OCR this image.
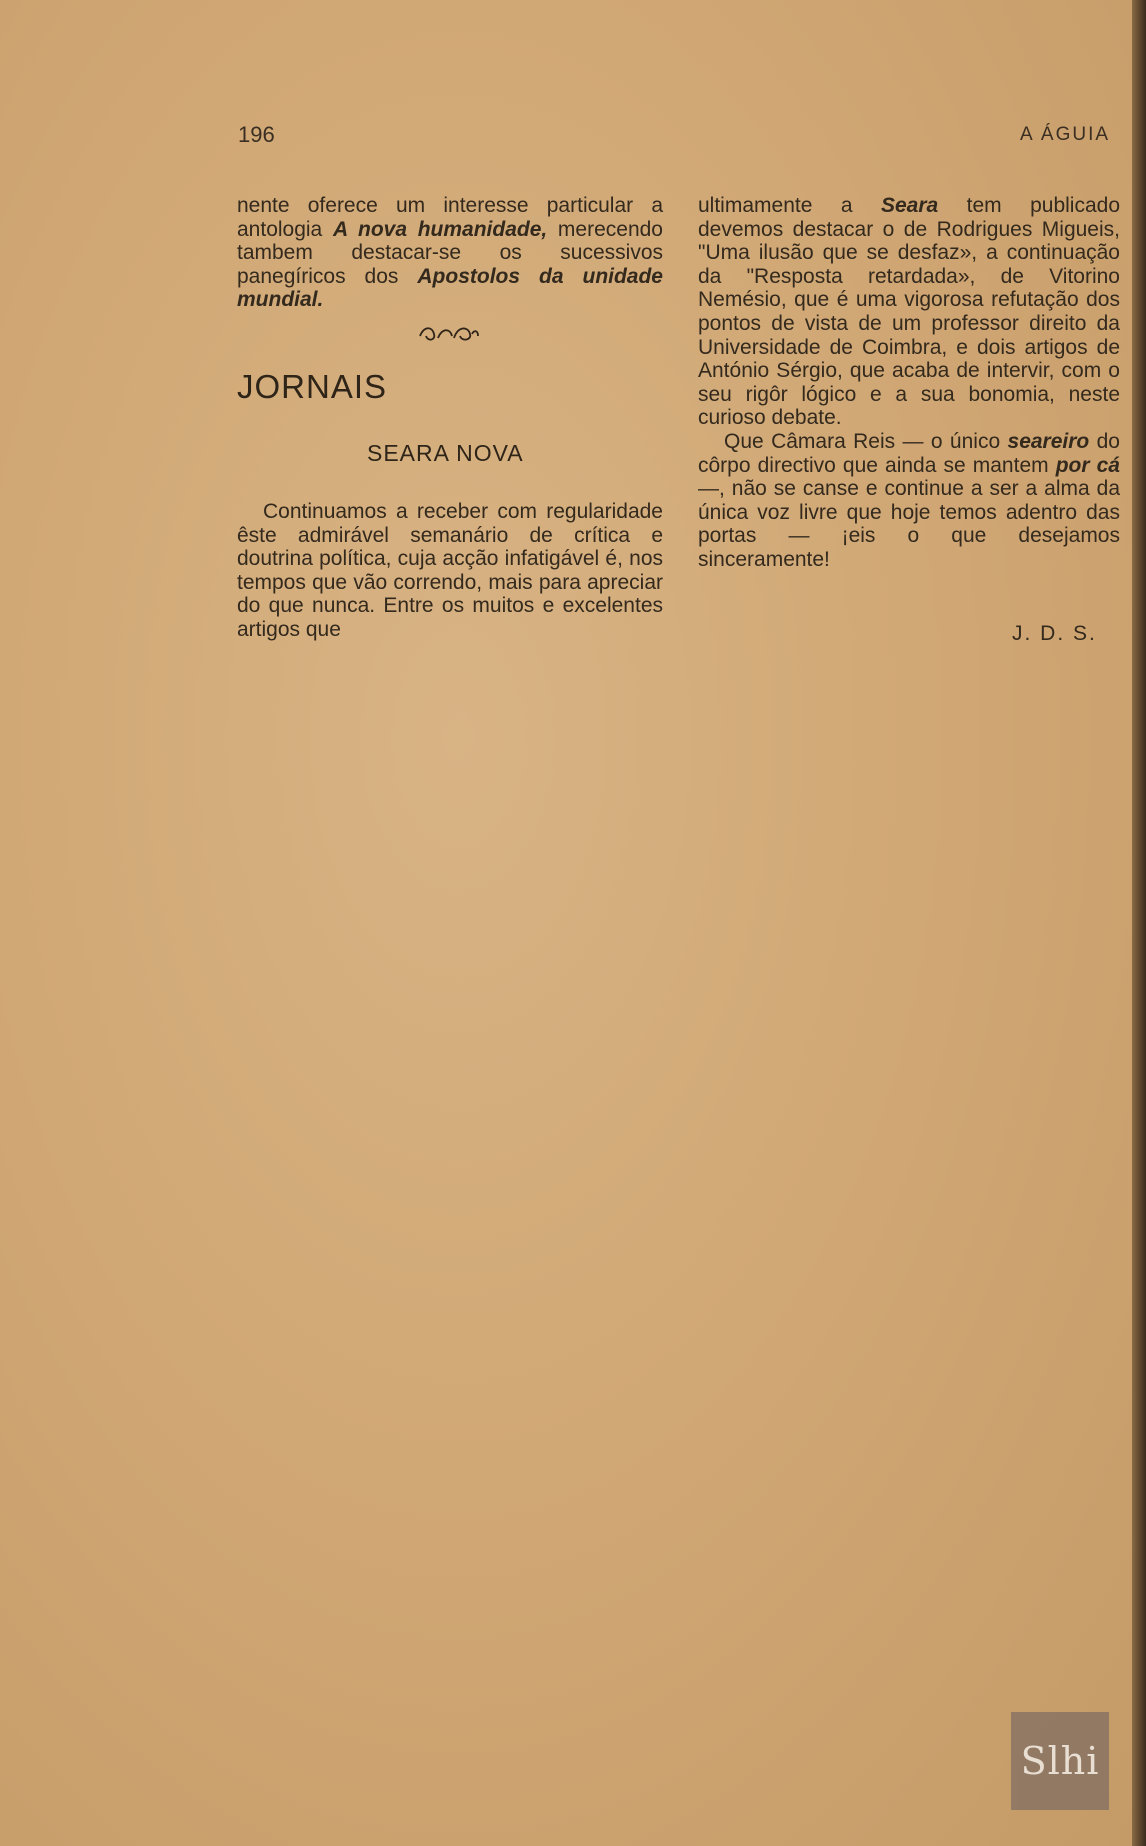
196	A ÁGUIA

nente oferece um interesse particular a antologia A nova humanidade, merecendo tambem destacar-se os sucessivos panegíricos dos Apostolos da unidade mundial.

JORNAIS
SEARA NOVA

Continuamos a receber com regularidade êste admirável semanário de crítica e doutrina política, cuja acção infatigável é, nos tempos que vão correndo, mais para apreciar do que nunca. Entre os muitos e excelentes artigos que

ultimamente a Seara tem publicado devemos destacar o de Rodrigues Migueis, "Uma ilusão que se desfaz», a continuação da "Resposta retardada», de Vitorino Nemésio, que é uma vigorosa refutação dos pontos de vista de um professor direito da Universidade de Coimbra, e dois artigos de António Sérgio, que acaba de intervir, com o seu rigôr lógico e a sua bonomia, neste curioso debate.

Que Câmara Reis — o único seareiro do côrpo directivo que ainda se mantem por cá —, não se canse e continue a ser a alma da única voz livre que hoje temos adentro das portas — ¡eis o que desejamos sinceramente!

J. D. S.
Slhi
